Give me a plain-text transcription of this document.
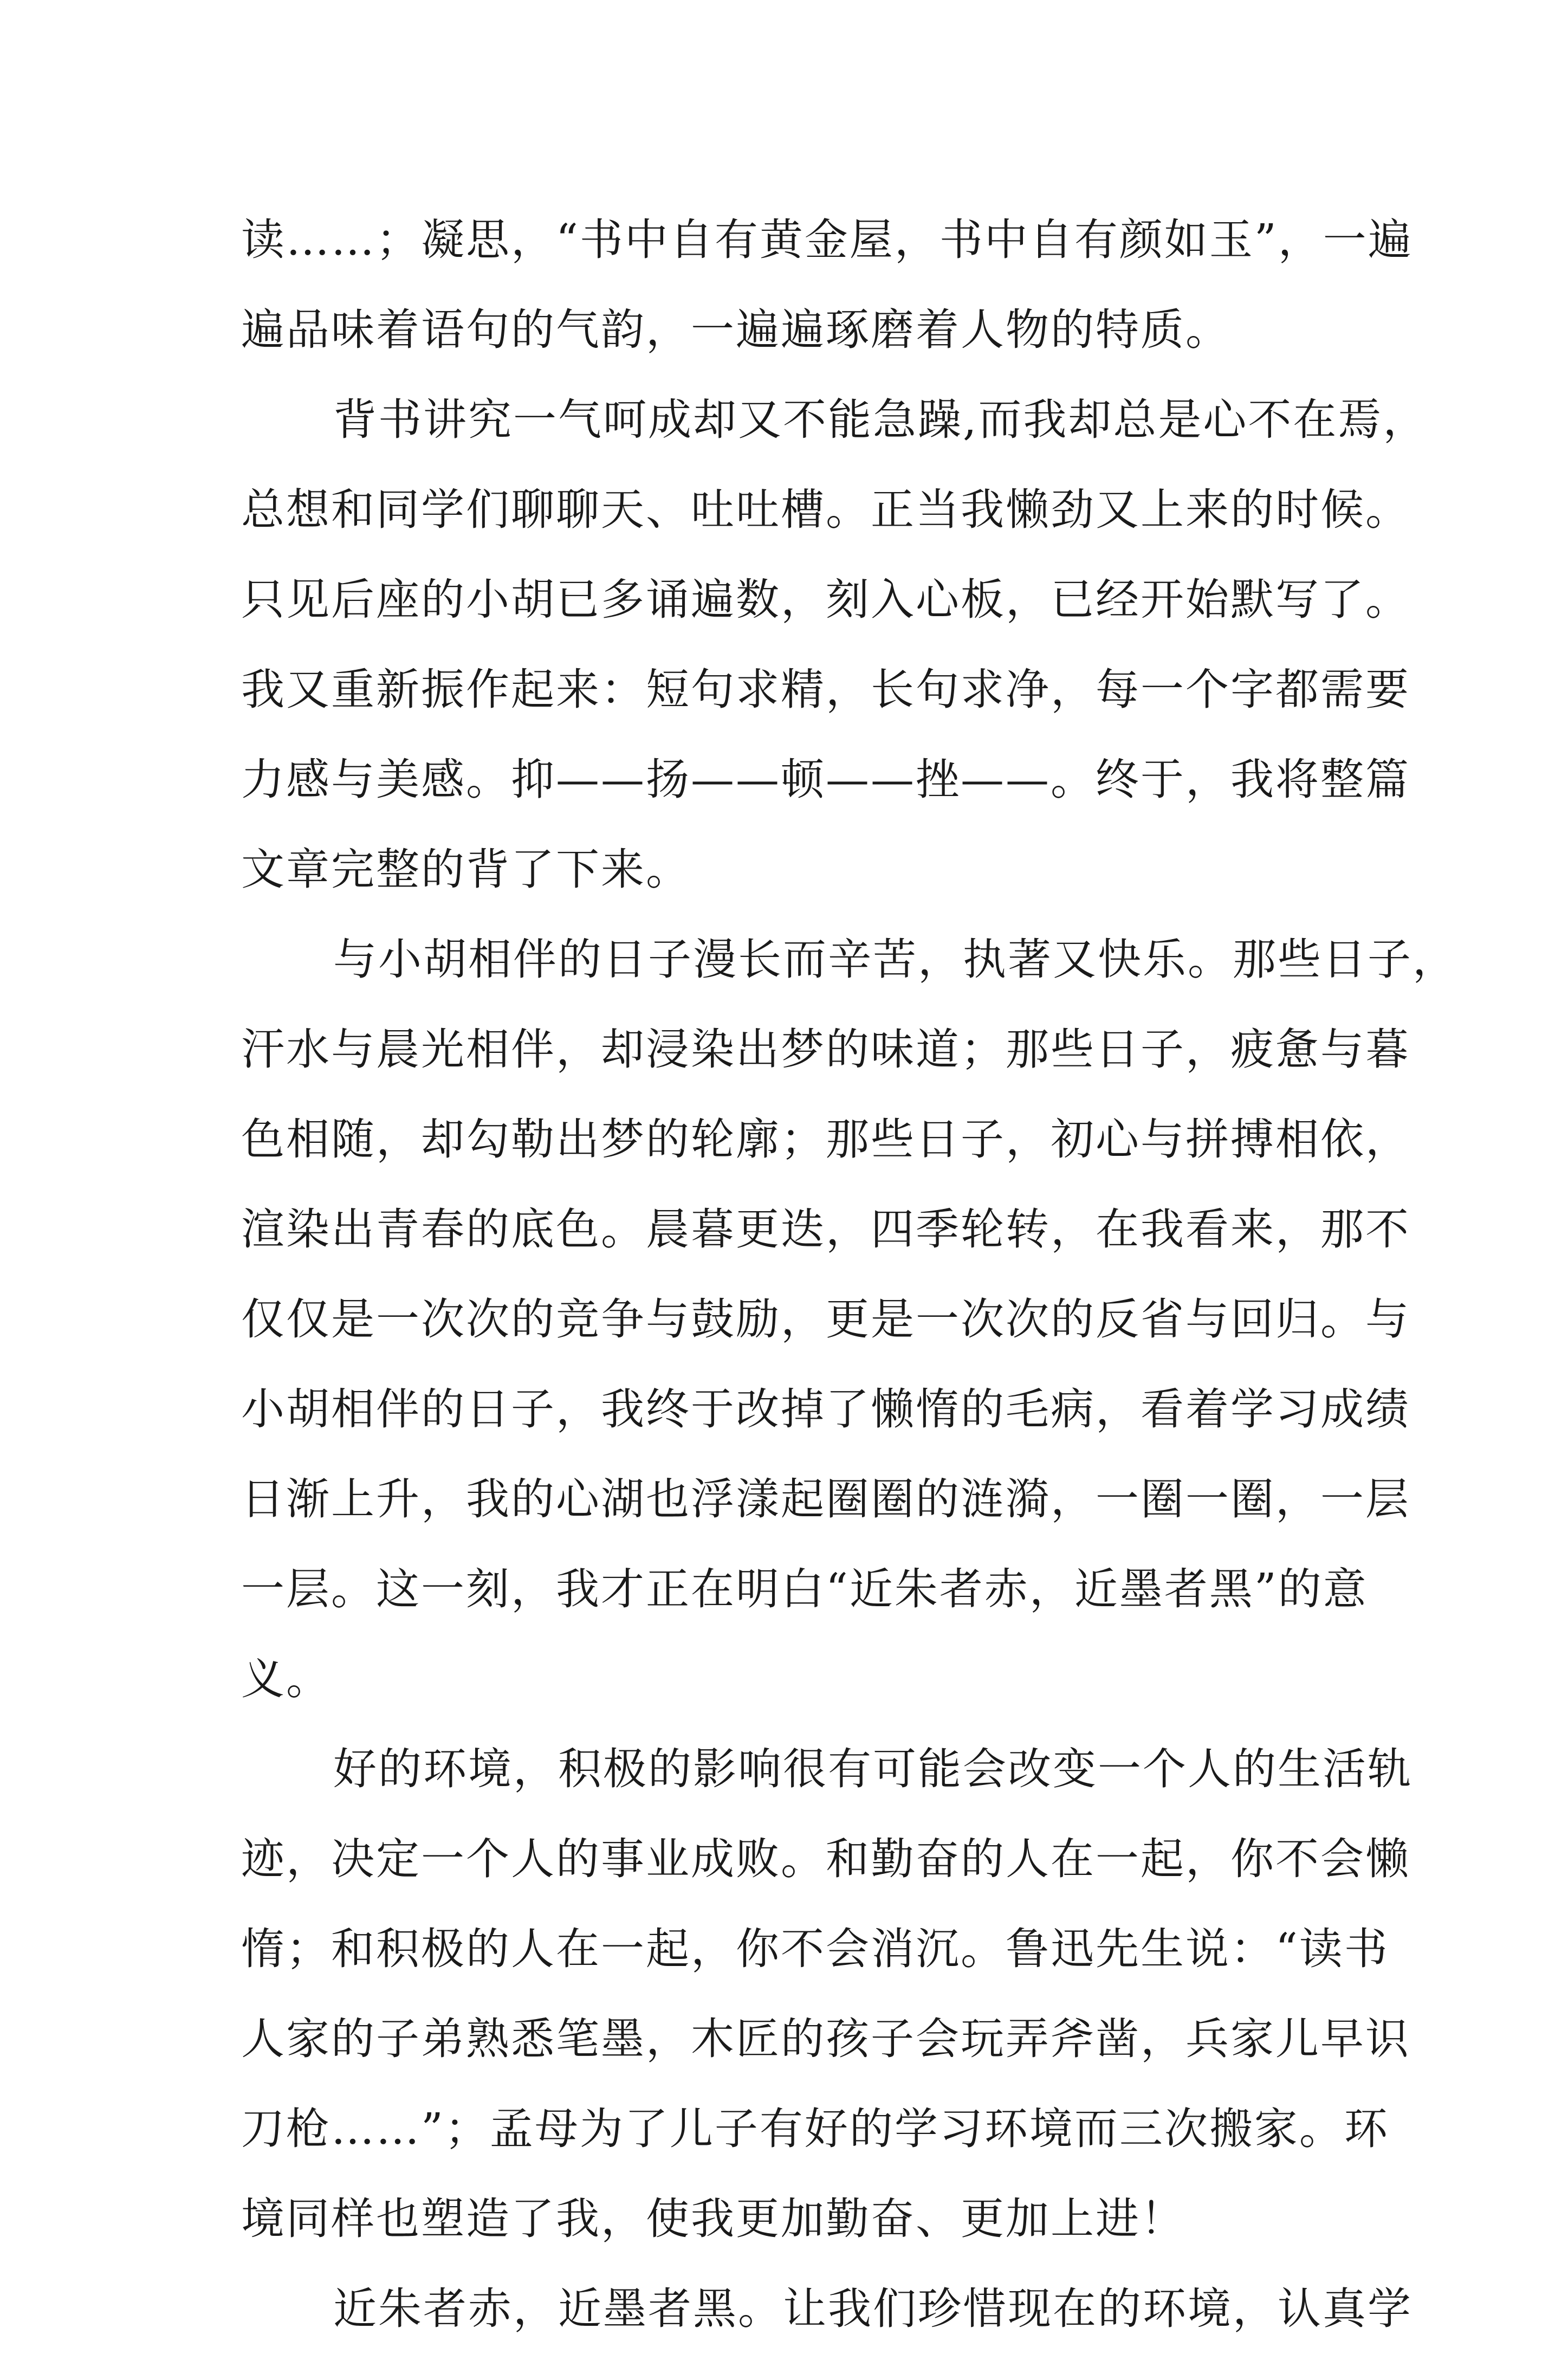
读……；凝思，“书中自有黄金屋，书中自有颜如玉”，一遍
遍品味着语句的气韵，一遍遍琢磨着人物的特质。
背书讲究一气呵成却又不能急躁,而我却总是心不在焉，
总想和同学们聊聊天、吐吐槽。正当我懒劲又上来的时候。
只见后座的小胡已多诵遍数，刻入心板，已经开始默写了。
我又重新振作起来：短句求精，长句求净，每一个字都需要
力感与美感。抑——扬——顿——挫——。终于，我将整篇
文章完整的背了下来。
与小胡相伴的日子漫长而辛苦，执著又快乐。那些日子，
汗水与晨光相伴，却浸染出梦的味道；那些日子，疲惫与暮
色相随，却勾勒出梦的轮廓；那些日子，初心与拼搏相依，
渲染出青春的底色。晨暮更迭，四季轮转，在我看来，那不
仅仅是一次次的竞争与鼓励，更是一次次的反省与回归。与
小胡相伴的日子，我终于改掉了懒惰的毛病，看着学习成绩
日渐上升，我的心湖也浮漾起圈圈的涟漪，一圈一圈，一层
一层。这一刻，我才正在明白“近朱者赤，近墨者黑”的意
义。
好的环境，积极的影响很有可能会改变一个人的生活轨
迹，决定一个人的事业成败。和勤奋的人在一起，你不会懒
惰；和积极的人在一起，你不会消沉。鲁迅先生说：“读书
人家的子弟熟悉笔墨，木匠的孩子会玩弄斧凿，兵家儿早识
刀枪……”；孟母为了儿子有好的学习环境而三次搬家。环
境同样也塑造了我，使我更加勤奋、更加上进！
近朱者赤，近墨者黑。让我们珍惜现在的环境，认真学
